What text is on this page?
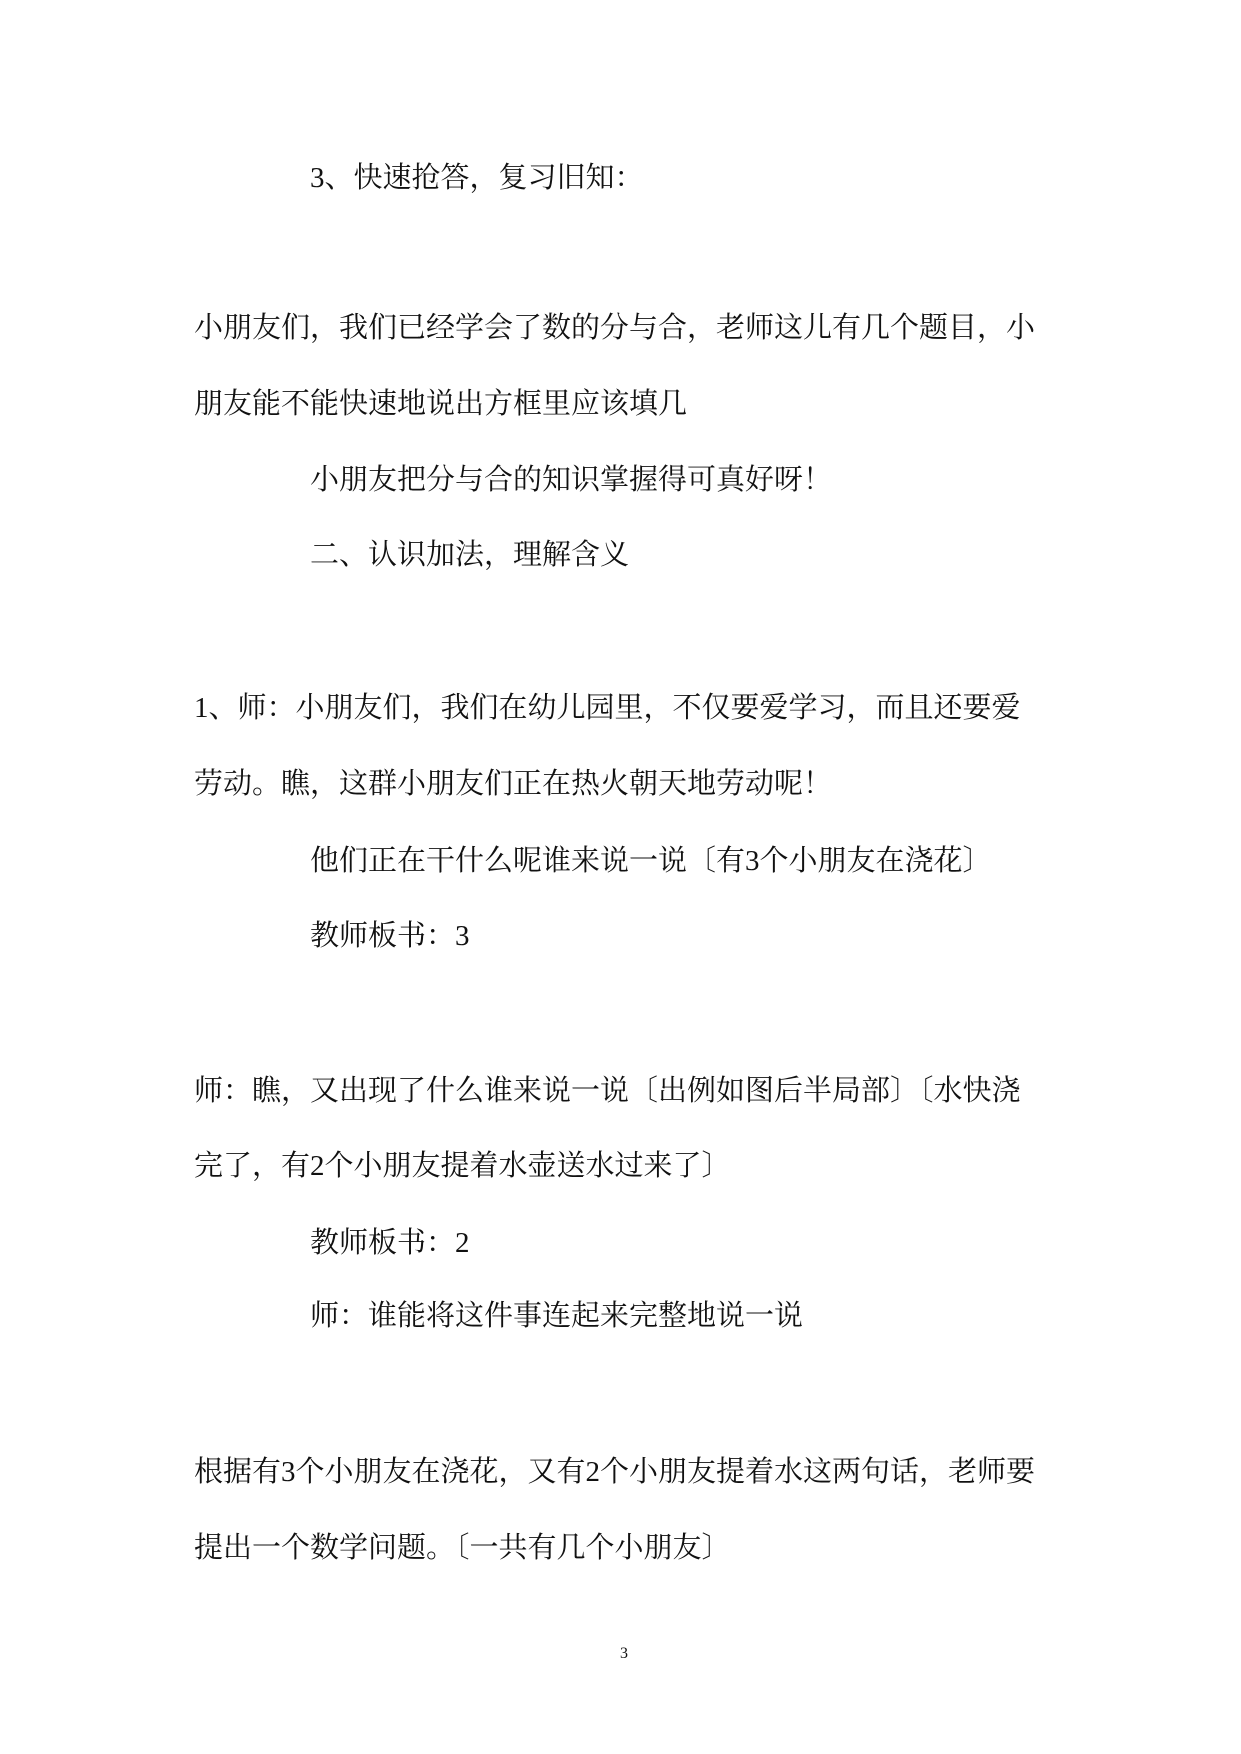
3、快速抢答，复习旧知：
小朋友们，我们已经学会了数的分与合，老师这儿有几个题目，小
朋友能不能快速地说出方框里应该填几
小朋友把分与合的知识掌握得可真好呀！
二、认识加法，理解含义
1、师：小朋友们，我们在幼儿园里，不仅要爱学习，而且还要爱
劳动。瞧，这群小朋友们正在热火朝天地劳动呢！
他们正在干什么呢谁来说一说〔有3个小朋友在浇花〕
教师板书：3
师：瞧，又出现了什么谁来说一说〔出例如图后半局部〕〔水快浇
完了，有2个小朋友提着水壶送水过来了〕
教师板书：2
师：谁能将这件事连起来完整地说一说
根据有3个小朋友在浇花，又有2个小朋友提着水这两句话，老师要
提出一个数学问题。〔一共有几个小朋友〕
3
